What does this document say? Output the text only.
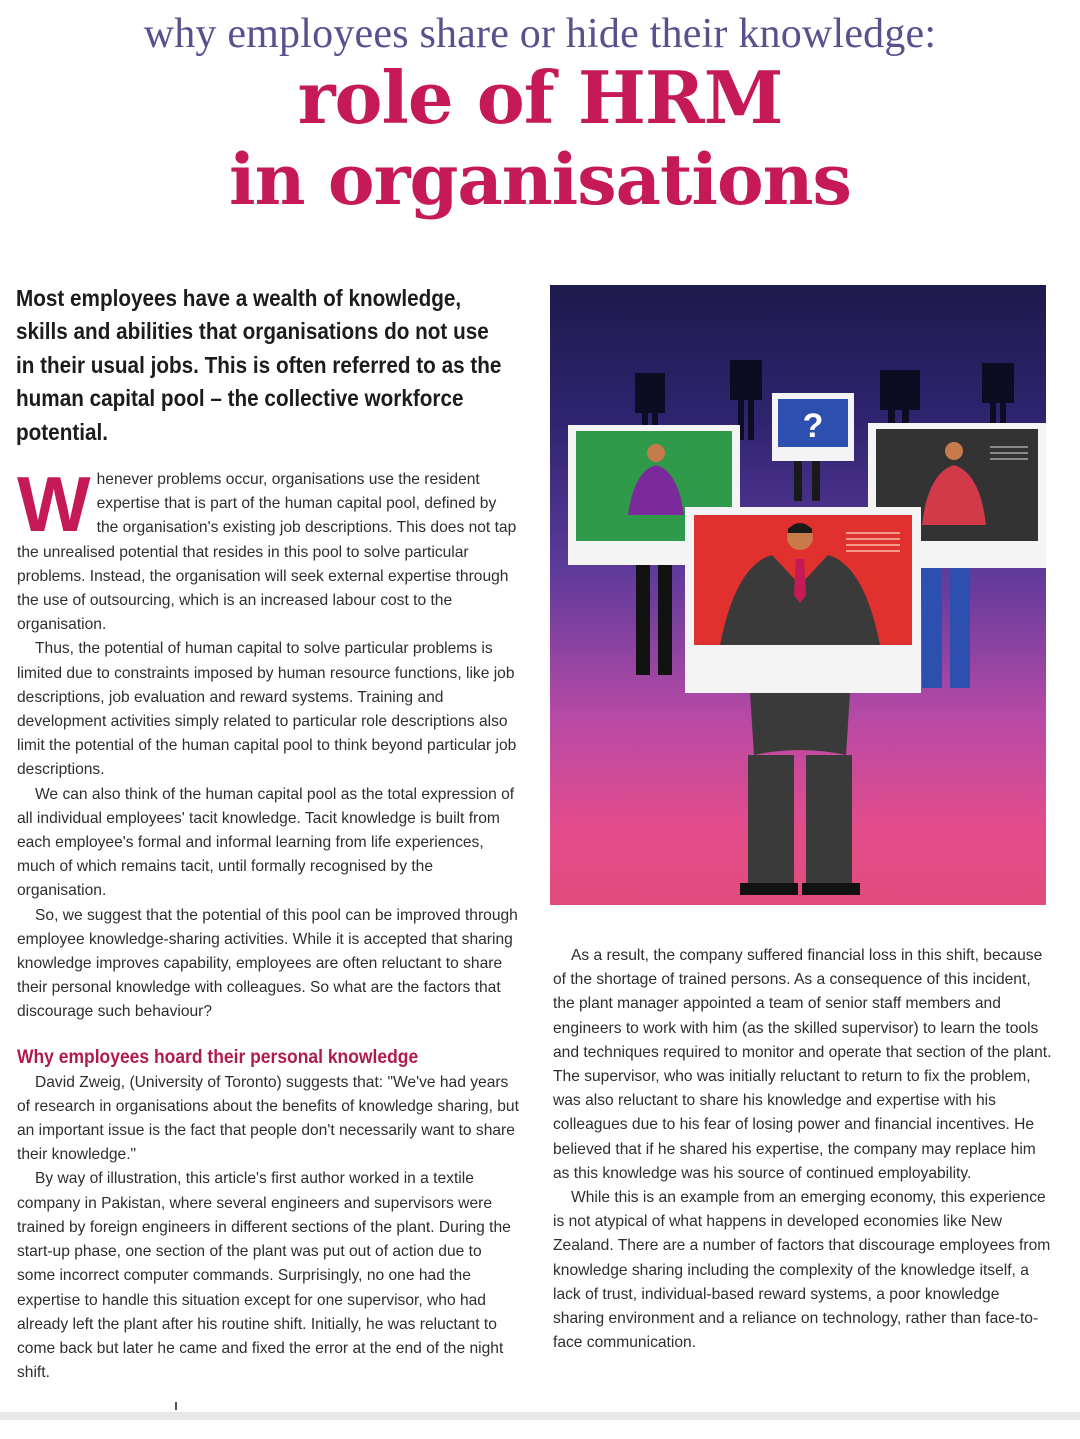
why employees share or hide their knowledge:
role of HRM
in organisations
Most employees have a wealth of knowledge, skills and abilities that organisations do not use in their usual jobs. This is often referred to as the human capital pool – the collective workforce potential.

W henever problems occur, organisations use the resident expertise that is part of the human capital pool, defined by the organisation's existing job descriptions. This does not tap the unrealised potential that resides in this pool to solve particular problems. Instead, the organisation will seek external expertise through the use of outsourcing, which is an increased labour cost to the organisation.

Thus, the potential of human capital to solve particular problems is limited due to constraints imposed by human resource functions, like job descriptions, job evaluation and reward systems. Training and development activities simply related to particular role descriptions also limit the potential of the human capital pool to think beyond particular job descriptions.

We can also think of the human capital pool as the total expression of all individual employees' tacit knowledge. Tacit knowledge is built from each employee's formal and informal learning from life experiences, much of which remains tacit, until formally recognised by the organisation.

So, we suggest that the potential of this pool can be improved through employee knowledge-sharing activities. While it is accepted that sharing knowledge improves capability, employees are often reluctant to share their personal knowledge with colleagues. So what are the factors that discourage such behaviour?

Why employees hoard their personal knowledge

David Zweig, (University of Toronto) suggests that: "We've had years of research in organisations about the benefits of knowledge sharing, but an important issue is the fact that people don't necessarily want to share their knowledge."

By way of illustration, this article's first author worked in a textile company in Pakistan, where several engineers and supervisors were trained by foreign engineers in different sections of the plant. During the start-up phase, one section of the plant was put out of action due to some incorrect computer commands. Surprisingly, no one had the expertise to handle this situation except for one supervisor, who had already left the plant after his routine shift. Initially, he was reluctant to come back but later he came and fixed the error at the end of the night shift.

?

As a result, the company suffered financial loss in this shift, because of the shortage of trained persons. As a consequence of this incident, the plant manager appointed a team of senior staff members and engineers to work with him (as the skilled supervisor) to learn the tools and techniques required to monitor and operate that section of the plant. The supervisor, who was initially reluctant to return to fix the problem, was also reluctant to share his knowledge and expertise with his colleagues due to his fear of losing power and financial incentives. He believed that if he shared his expertise, the company may replace him as this knowledge was his source of continued employability.

While this is an example from an emerging economy, this experience is not atypical of what happens in developed economies like New Zealand. There are a number of factors that discourage employees from knowledge sharing including the complexity of the knowledge itself, a lack of trust, individual-based reward systems, a poor knowledge sharing environment and a reliance on technology, rather than face-to-face communication.
